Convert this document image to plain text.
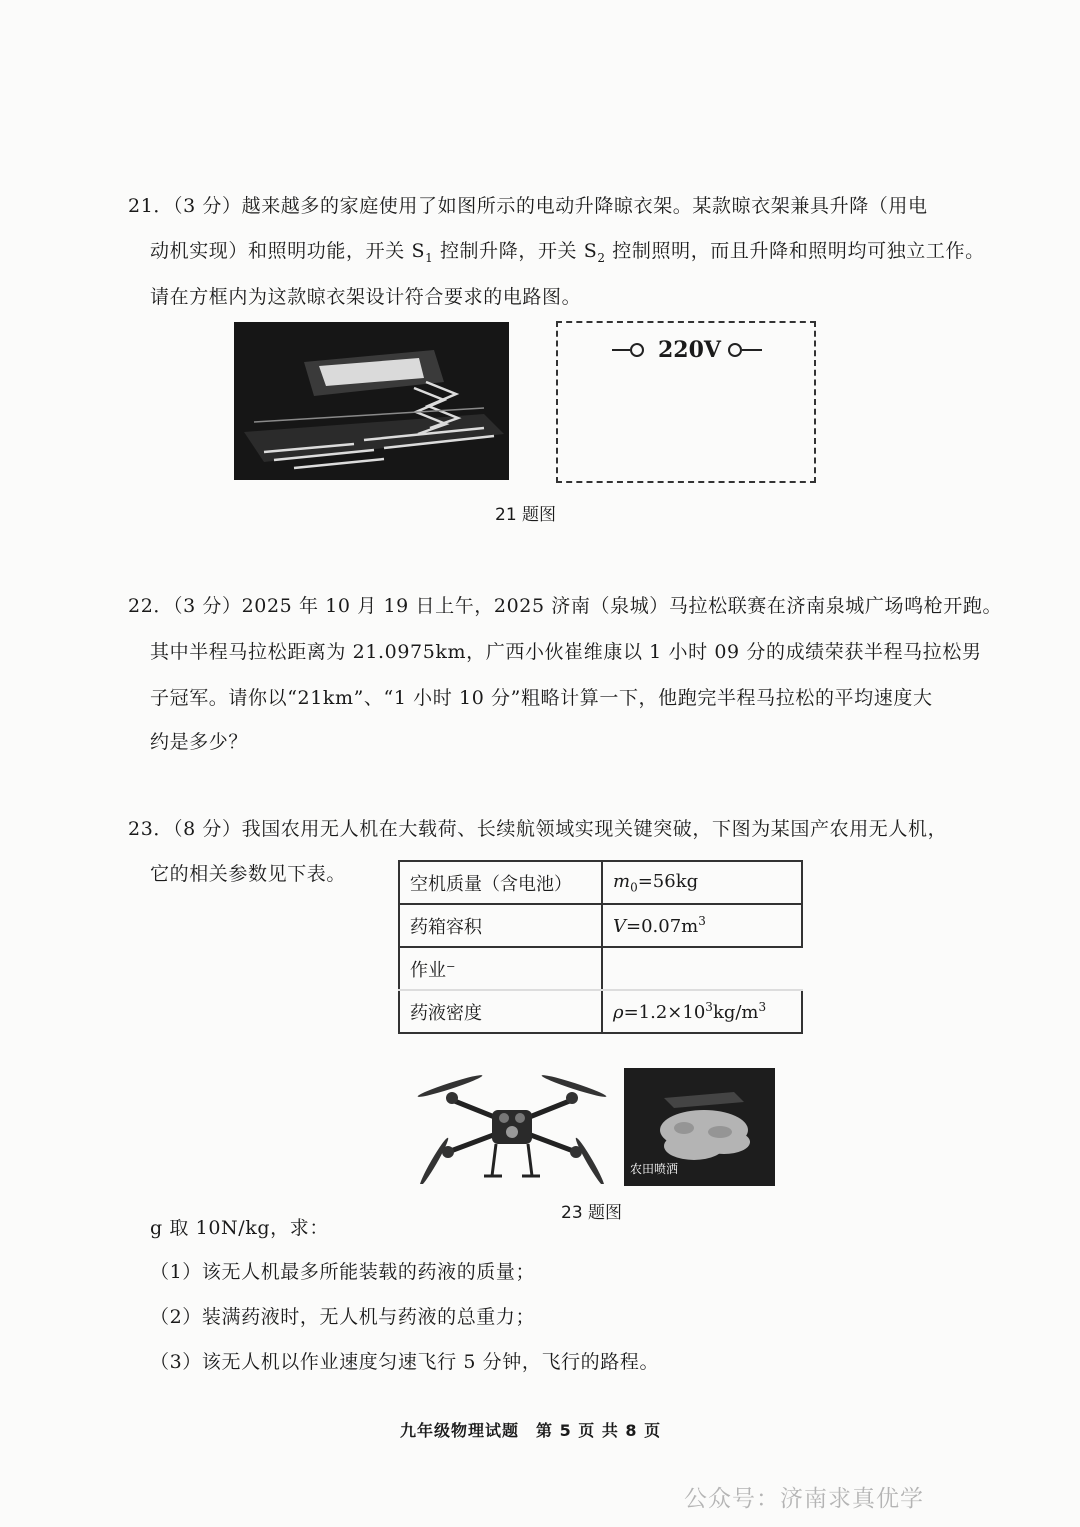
21．（3 分）越来越多的家庭使用了如图所示的电动升降晾衣架。某款晾衣架兼具升降（用电
动机实现）和照明功能，开关 $S_1$ 控制升降，开关 $S_2$ 控制照明，而且升降和照明均可独立工作。
请在方框内为这款晾衣架设计符合要求的电路图。
220V
21 题图
22．（3 分）2025 年 10 月 19 日上午，2025 济南（泉城）马拉松联赛在济南泉城广场鸣枪开跑。
其中半程马拉松距离为 21.0975km，广西小伙崔维康以 1 小时 09 分的成绩荣获半程马拉松男
子冠军。请你以“21km”、“1 小时 10 分”粗略计算一下，他跑完半程马拉松的平均速度大
约是多少？
23．（8 分）我国农用无人机在大载荷、长续航领域实现关键突破，下图为某国产农用无人机，
它的相关参数见下表。	空机质量（含电池）	$m_0=56kg$
药箱容积	$V=0.07m^3$
作业⁻	
药液密度	$\rho=1.2\times 10^3kg/m^3$
农田喷洒
23 题图
g 取 10N/kg，求：
（1）该无人机最多所能装载的药液的质量；
（2）装满药液时，无人机与药液的总重力；
（3）该无人机以作业速度匀速飞行 5 分钟，飞行的路程。
九年级物理试题　第 5 页 共 8 页
公众号：济南求真优学
